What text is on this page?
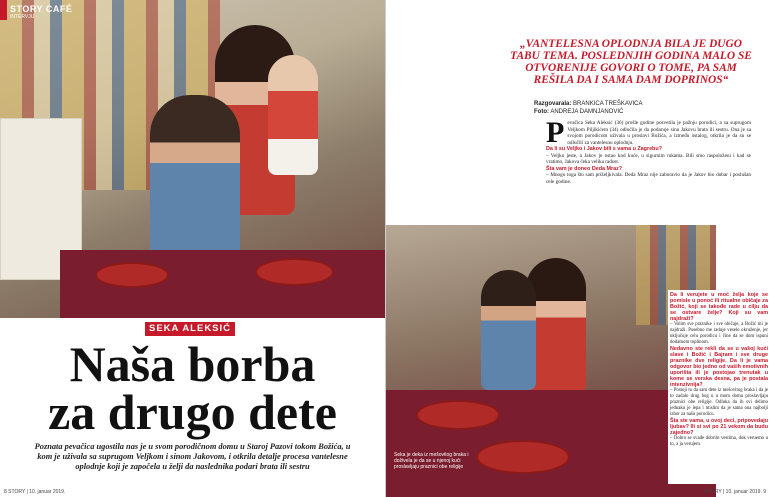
STORY CAFÉ
INTERVJU
SEKA ALEKSIĆ
Naša borba
za drugo dete
Poznata pevačica ugostila nas je u svom porodičnom domu u Staroj Pazovi tokom Božića, u kom je uživala sa suprugom Veljkom i sinom Jakovom, i otkrila detalje procesa vantelesne oplodnje koji je započela u želji da naslednika podari brata ili sestru
8 STORY | 10. januar 2019.
„VANTELESNA OPLODNJA BILA JE DUGO TABU TEMA. POSLEDNJIH GODINA MALO SE OTVORENIJE GOVORI O TOME, PA SAM REŠILA DA I SAMA DAM DOPRINOS“
Razgovarala: BRANKICA TREŠKAVICA
Foto: ANDREJA DAMNJANOVIĆ
Seka je deka iz mešovitog braka i doživela je da se u njenoj kući proslavljaju praznici obe religije
P evačica Seka Aleksić (36) prošle godine posvetila je pažnju porodici, a sa suprugom Veljkom Piljikićem (34) odlučila je da podaruje sinu Jakovu brata ili sestru. Ona je sa svojom porodicom uživala u proslavi Božića, a između ostalog, otkrila je da su se odlučili za vantelesnu oplodnju.
Da li su Veljko i Jakov bili s vama u Zagrebu?
– Veljko jeste, a Jakov je ostao kod kuće, u sigurnim rukama. Bili smo raspoloženi i kad se vratimo, Jakova čeka velika radost.
Šta vam je doneo Deda Mraz?
– Mnogo toga što sam priželjkivala. Deda Mraz nije zaboravio da je Jakov bio dobar i poslušan cele godine.
Da li verujete u moć želja koje se pomisle u ponoć ili ritualne običaje za Božić, koji se takođe rade u cilju da se ostvare želje? Koji su vam najdraži?
– Volim sve praznike i sve običaje, a Božić mi je najdraži. Posebno me raduje veselo okruženje, jer uključuje celu porodicu i čine da se dom ispuni dodatnom toplinom.
Nedavno ste rekli da se u vašoj kući slave i Božić i Bajram i sve druge praznike dve religije. Da li je vama odgovor bio jedno od vaših emotivnih uporišta ili je postojao trenutak u kome se verska desna, pa je postala intenzivnija?
– Postoji to da sam dete iz mešovitog braka i da je to zadalo drug bog u u mom domu proslavljaju praznici obe religije. Odluka da ih svi delimo jednako je lepa i mislim da je sama ona najbolji izbor za našu porodicu.
Šta ste vama, u ovoj deci, pripovedaju ljubav? Ili si svi po 21 vekom da budu zajedno?
– Dobro se svađe dobrim vestima, dok veruemo u to, a ja verujem.
STORY | 10. januar 2019. 9
